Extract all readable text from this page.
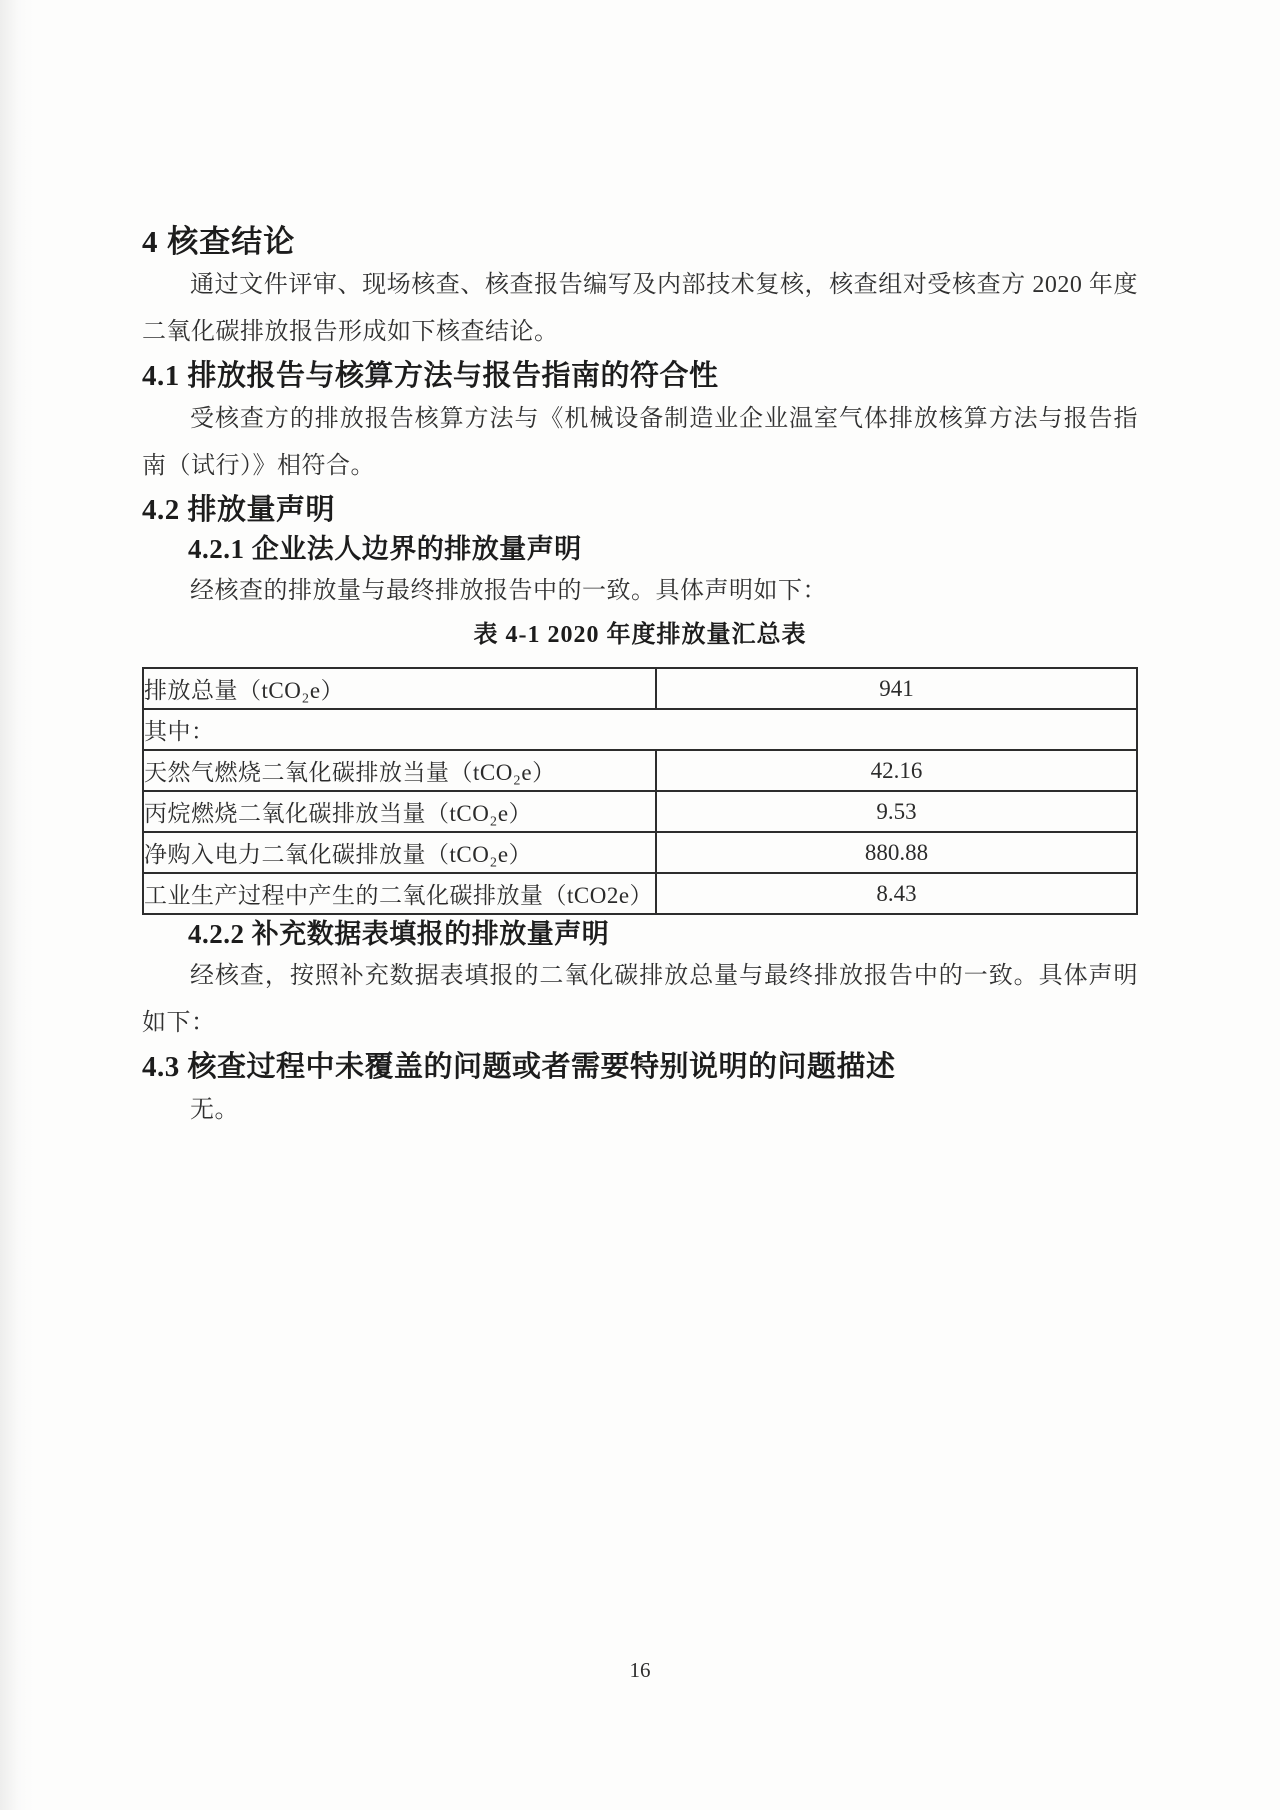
4 核查结论

通过文件评审、现场核查、核查报告编写及内部技术复核，核查组对受核查方 2020 年度二氧化碳排放报告形成如下核查结论。

4.1 排放报告与核算方法与报告指南的符合性

受核查方的排放报告核算方法与《机械设备制造业企业温室气体排放核算方法与报告指南（试行）》相符合。

4.2 排放量声明
4.2.1 企业法人边界的排放量声明

经核查的排放量与最终排放报告中的一致。具体声明如下：

表 4-1 2020 年度排放量汇总表
排放总量（tCO₂e）	941
其中：	
天然气燃烧二氧化碳排放当量（tCO₂e）	42.16
丙烷燃烧二氧化碳排放当量（tCO₂e）	9.53
净购入电力二氧化碳排放量（tCO₂e）	880.88
工业生产过程中产生的二氧化碳排放量（tCO2e）	8.43
4.2.2 补充数据表填报的排放量声明

经核查，按照补充数据表填报的二氧化碳排放总量与最终排放报告中的一致。具体声明如下：

4.3 核查过程中未覆盖的问题或者需要特别说明的问题描述

无。

16
